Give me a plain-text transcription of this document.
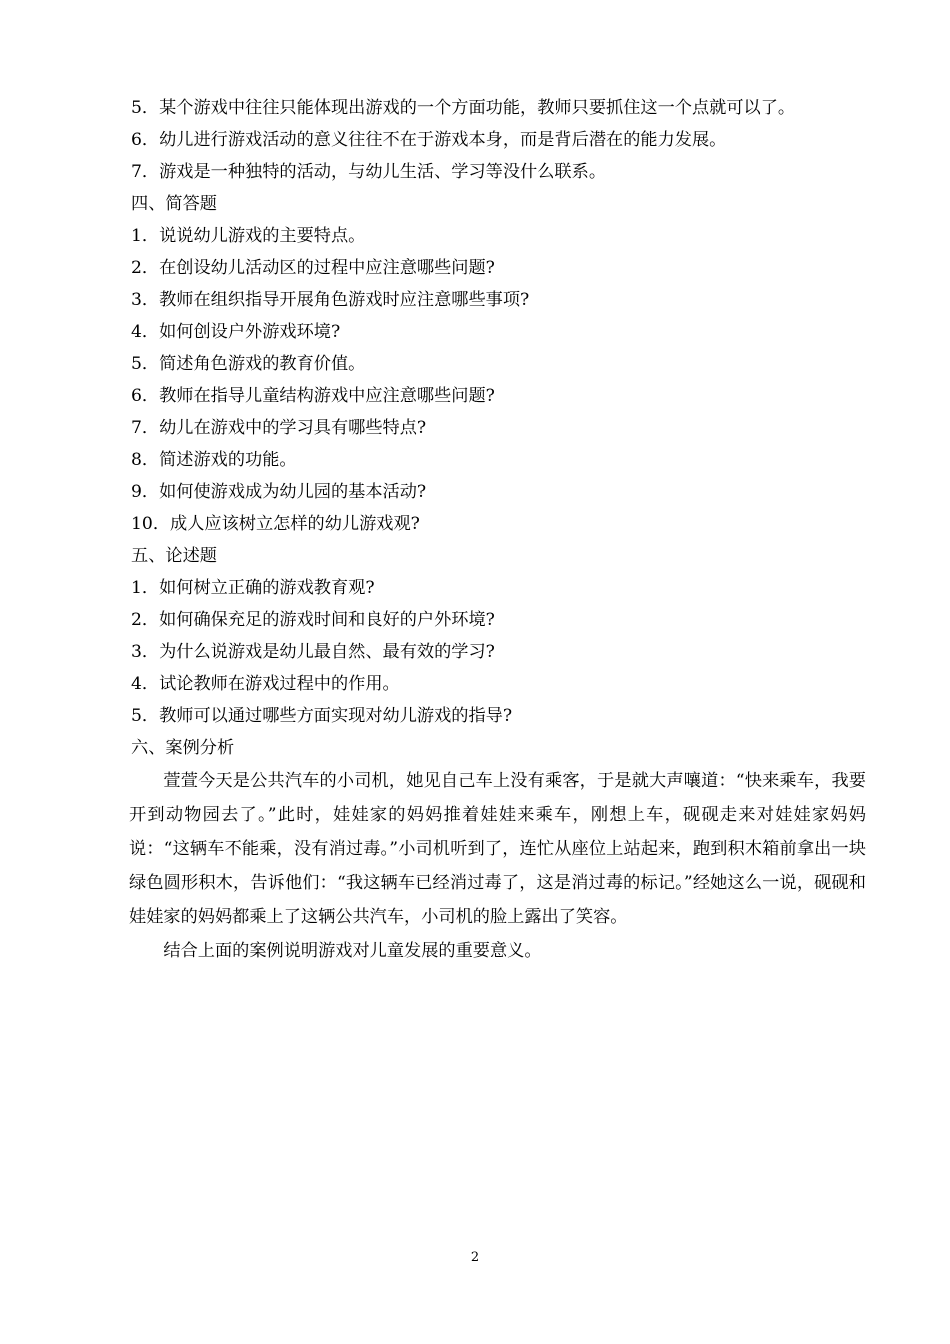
5．某个游戏中往往只能体现出游戏的一个方面功能，教师只要抓住这一个点就可以了。
6．幼儿进行游戏活动的意义往往不在于游戏本身，而是背后潜在的能力发展。
7．游戏是一种独特的活动，与幼儿生活、学习等没什么联系。
四、简答题
1．说说幼儿游戏的主要特点。
2．在创设幼儿活动区的过程中应注意哪些问题?
3．教师在组织指导开展角色游戏时应注意哪些事项?
4．如何创设户外游戏环境?
5．简述角色游戏的教育价值。
6．教师在指导儿童结构游戏中应注意哪些问题?
7．幼儿在游戏中的学习具有哪些特点?
8．简述游戏的功能。
9．如何使游戏成为幼儿园的基本活动?
10．成人应该树立怎样的幼儿游戏观?
五、论述题
1．如何树立正确的游戏教育观?
2．如何确保充足的游戏时间和良好的户外环境?
3．为什么说游戏是幼儿最自然、最有效的学习?
4．试论教师在游戏过程中的作用。
5．教师可以通过哪些方面实现对幼儿游戏的指导?
六、案例分析
萱萱今天是公共汽车的小司机，她见自己车上没有乘客，于是就大声嚷道：“快来乘车，我要开到动物园去了。”此时，娃娃家的妈妈推着娃娃来乘车，刚想上车，砚砚走来对娃娃家妈妈说：“这辆车不能乘，没有消过毒。”小司机听到了，连忙从座位上站起来，跑到积木箱前拿出一块绿色圆形积木，告诉他们：“我这辆车已经消过毒了，这是消过毒的标记。”经她这么一说，砚砚和娃娃家的妈妈都乘上了这辆公共汽车，小司机的脸上露出了笑容。
结合上面的案例说明游戏对儿童发展的重要意义。
2
